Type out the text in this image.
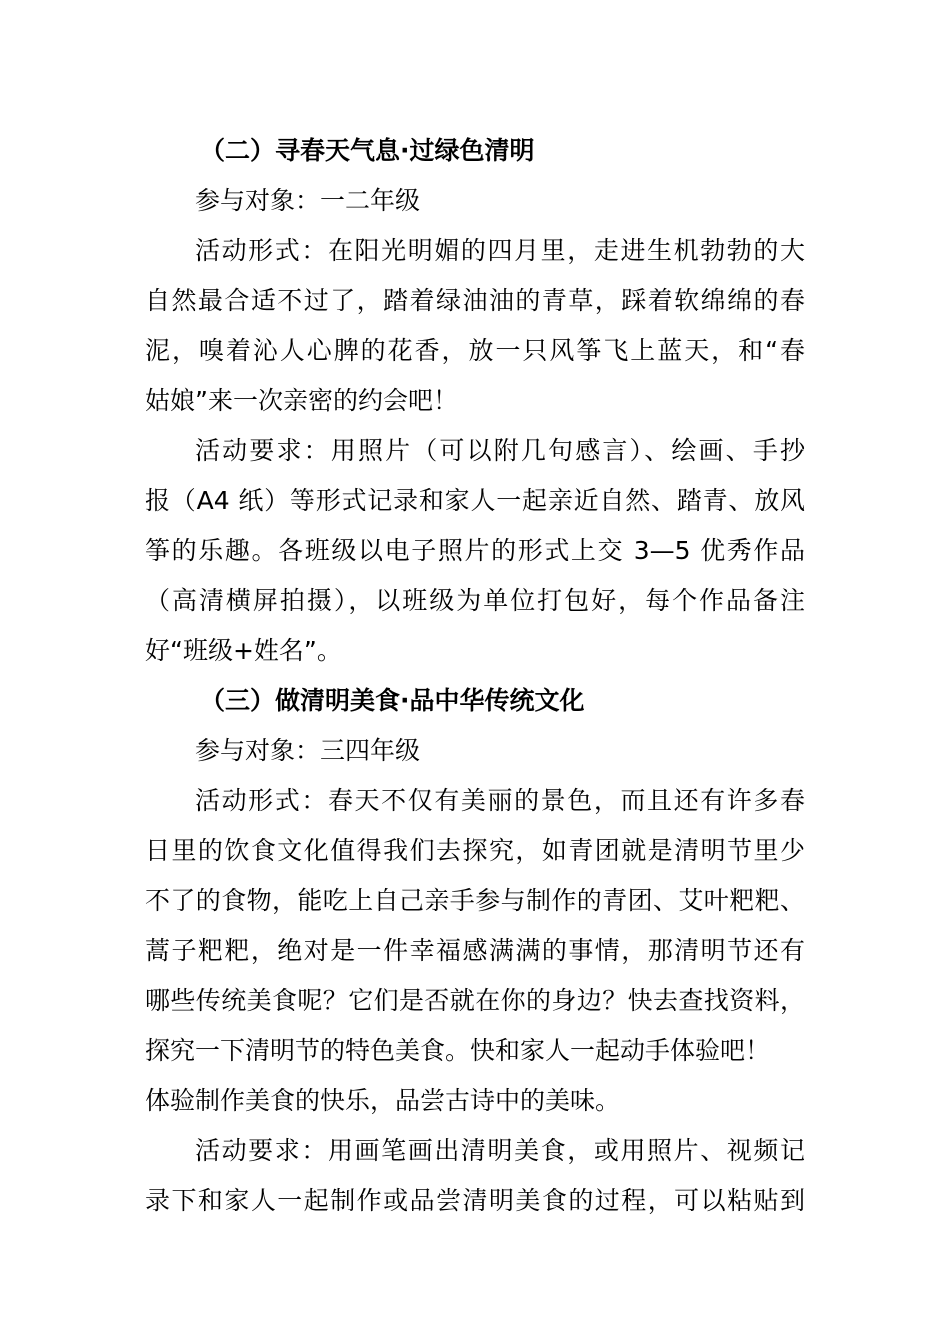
（二）寻春天气息·过绿色清明
参与对象：一二年级
活动形式：在阳光明媚的四月里，走进生机勃勃的大
自然最合适不过了，踏着绿油油的青草，踩着软绵绵的春
泥，嗅着沁人心脾的花香，放一只风筝飞上蓝天，和“春
姑娘”来一次亲密的约会吧！
活动要求：用照片（可以附几句感言）、绘画、手抄
报（A4 纸）等形式记录和家人一起亲近自然、踏青、放风
筝的乐趣。各班级以电子照片的形式上交 3—5 优秀作品
（高清横屏拍摄），以班级为单位打包好，每个作品备注
好“班级+姓名”。
（三）做清明美食·品中华传统文化
参与对象：三四年级
活动形式：春天不仅有美丽的景色，而且还有许多春
日里的饮食文化值得我们去探究，如青团就是清明节里少
不了的食物，能吃上自己亲手参与制作的青团、艾叶粑粑、
蒿子粑粑，绝对是一件幸福感满满的事情，那清明节还有
哪些传统美食呢？它们是否就在你的身边？快去查找资料，
探究一下清明节的特色美食。快和家人一起动手体验吧！
体验制作美食的快乐，品尝古诗中的美味。
活动要求：用画笔画出清明美食，或用照片、视频记
录下和家人一起制作或品尝清明美食的过程，可以粘贴到
